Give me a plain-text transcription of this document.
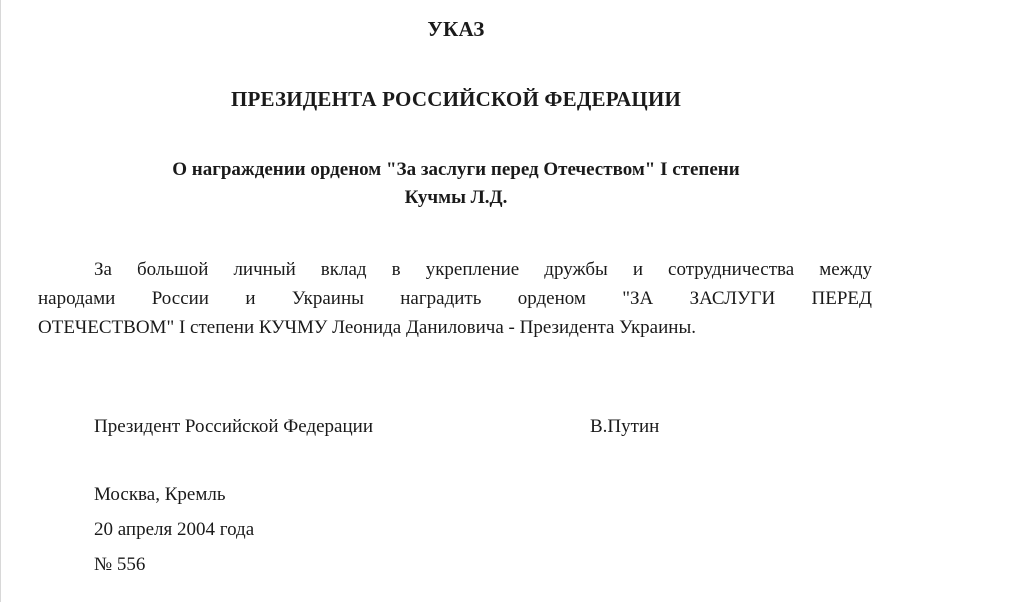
УКАЗ
ПРЕЗИДЕНТА РОССИЙСКОЙ ФЕДЕРАЦИИ
О награждении орденом "За заслуги перед Отечеством" I степени
Кучмы Л.Д.
За большой личный вклад в укрепление дружбы и сотрудничества между
народами России и Украины наградить орденом "ЗА ЗАСЛУГИ ПЕРЕД
ОТЕЧЕСТВОМ" I степени КУЧМУ Леонида Даниловича - Президента Украины.
Президент Российской Федерации	В.Путин
Москва, Кремль
20 апреля 2004 года
№ 556
